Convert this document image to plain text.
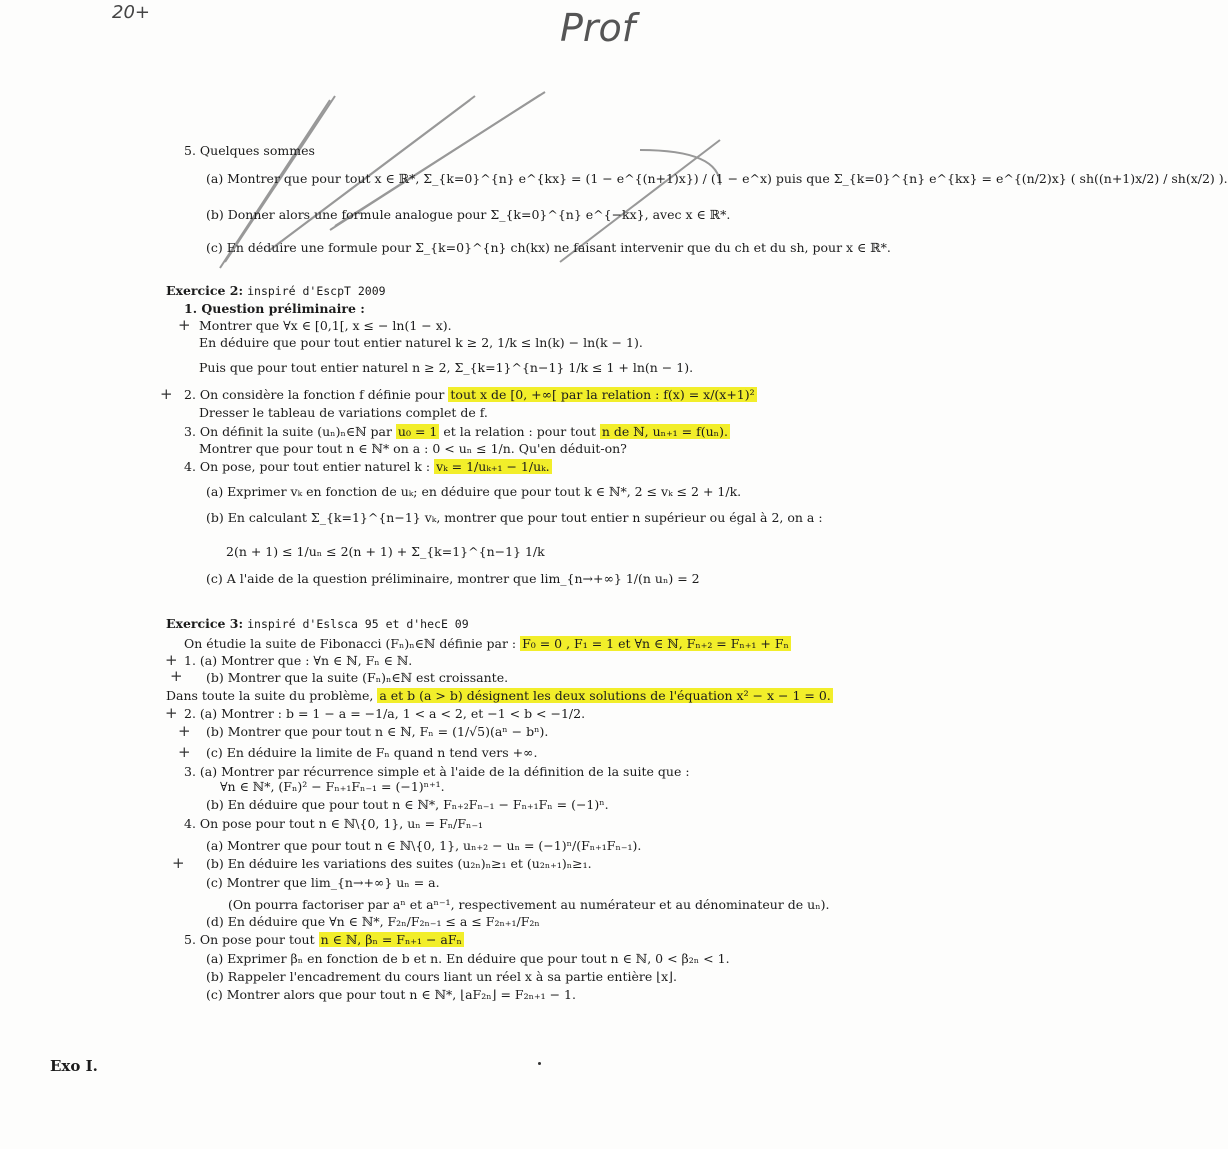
20+	Prof
5. Quelques sommes
(a) Montrer que pour tout x ∈ ℝ*, Σ_{k=0}^{n} e^{kx} = (1 − e^{(n+1)x}) / (1 − e^x) puis que Σ_{k=0}^{n} e^{kx} = e^{(n/2)x} ( sh((n+1)x/2) / sh(x/2) ).
(b) Donner alors une formule analogue pour Σ_{k=0}^{n} e^{−kx}, avec x ∈ ℝ*.
(c) En déduire une formule pour Σ_{k=0}^{n} ch(kx) ne faisant intervenir que du ch et du sh, pour x ∈ ℝ*.
Exercice 2: inspiré d'EscpT 2009
1. Question préliminaire :
+ Montrer que ∀x ∈ [0,1[, x ≤ − ln(1 − x).
En déduire que pour tout entier naturel k ≥ 2, 1/k ≤ ln(k) − ln(k − 1).
Puis que pour tout entier naturel n ≥ 2, Σ_{k=1}^{n−1} 1/k ≤ 1 + ln(n − 1).
+ 2. On considère la fonction f définie pour tout x de [0, +∞[ par la relation : f(x) = x/(x+1)²
Dresser le tableau de variations complet de f.
3. On définit la suite (uₙ)ₙ∈ℕ par u₀ = 1 et la relation : pour tout n de ℕ, uₙ₊₁ = f(uₙ).
Montrer que pour tout n ∈ ℕ* on a : 0 < uₙ ≤ 1/n. Qu'en déduit-on?
4. On pose, pour tout entier naturel k : vₖ = 1/uₖ₊₁ − 1/uₖ.
(a) Exprimer vₖ en fonction de uₖ; en déduire que pour tout k ∈ ℕ*, 2 ≤ vₖ ≤ 2 + 1/k.
(b) En calculant Σ_{k=1}^{n−1} vₖ, montrer que pour tout entier n supérieur ou égal à 2, on a :
2(n + 1) ≤ 1/uₙ ≤ 2(n + 1) + Σ_{k=1}^{n−1} 1/k
(c) A l'aide de la question préliminaire, montrer que lim_{n→+∞} 1/(n uₙ) = 2
Exercice 3: inspiré d'Eslsca 95 et d'hecE 09
On étudie la suite de Fibonacci (Fₙ)ₙ∈ℕ définie par : F₀ = 0 , F₁ = 1 et ∀n ∈ ℕ, Fₙ₊₂ = Fₙ₊₁ + Fₙ
+ 1. (a) Montrer que : ∀n ∈ ℕ, Fₙ ∈ ℕ.
+ (b) Montrer que la suite (Fₙ)ₙ∈ℕ est croissante.
Dans toute la suite du problème, a et b (a > b) désignent les deux solutions de l'équation x² − x − 1 = 0.
+ 2. (a) Montrer : b = 1 − a = −1/a, 1 < a < 2, et −1 < b < −1/2.
+ (b) Montrer que pour tout n ∈ ℕ, Fₙ = (1/√5)(aⁿ − bⁿ).
+ (c) En déduire la limite de Fₙ quand n tend vers +∞.
3. (a) Montrer par récurrence simple et à l'aide de la définition de la suite que :
∀n ∈ ℕ*, (Fₙ)² − Fₙ₊₁Fₙ₋₁ = (−1)ⁿ⁺¹.
(b) En déduire que pour tout n ∈ ℕ*, Fₙ₊₂Fₙ₋₁ − Fₙ₊₁Fₙ = (−1)ⁿ.
4. On pose pour tout n ∈ ℕ\{0, 1}, uₙ = Fₙ/Fₙ₋₁
(a) Montrer que pour tout n ∈ ℕ\{0, 1}, uₙ₊₂ − uₙ = (−1)ⁿ/(Fₙ₊₁Fₙ₋₁).
+ (b) En déduire les variations des suites (u₂ₙ)ₙ≥₁ et (u₂ₙ₊₁)ₙ≥₁.
(c) Montrer que lim_{n→+∞} uₙ = a.
(On pourra factoriser par aⁿ et aⁿ⁻¹, respectivement au numérateur et au dénominateur de uₙ).
(d) En déduire que ∀n ∈ ℕ*, F₂ₙ/F₂ₙ₋₁ ≤ a ≤ F₂ₙ₊₁/F₂ₙ
5. On pose pour tout n ∈ ℕ, βₙ = Fₙ₊₁ − aFₙ
(a) Exprimer βₙ en fonction de b et n. En déduire que pour tout n ∈ ℕ, 0 < β₂ₙ < 1.
(b) Rappeler l'encadrement du cours liant un réel x à sa partie entière ⌊x⌋.
(c) Montrer alors que pour tout n ∈ ℕ*, ⌊aF₂ₙ⌋ = F₂ₙ₊₁ − 1.
Exo I.
